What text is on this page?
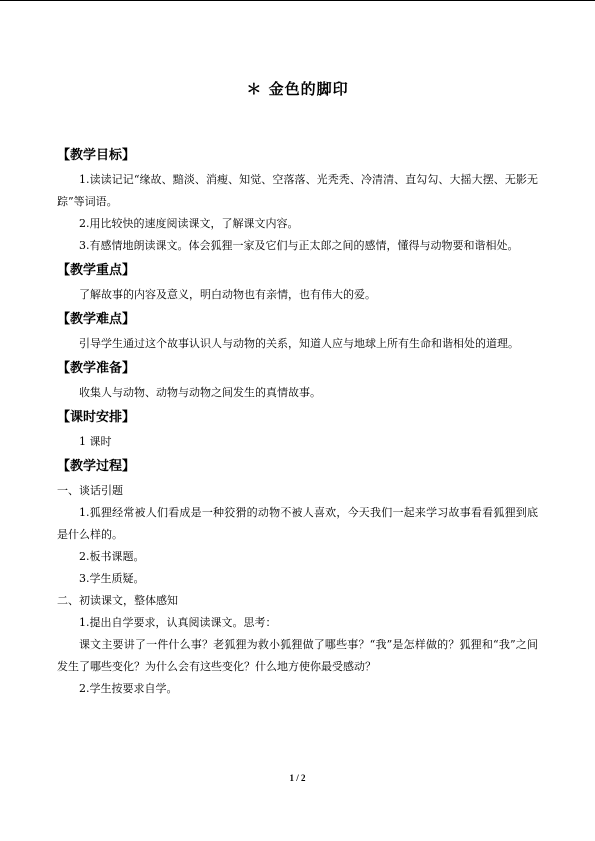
＊ 金色的脚印
【教学目标】

1.读读记记“缘故、黯淡、消瘦、知觉、空落落、光秃秃、冷清清、直勾勾、大摇大摆、无影无踪”等词语。

2.用比较快的速度阅读课文，了解课文内容。

3.有感情地朗读课文。体会狐狸一家及它们与正太郎之间的感情，懂得与动物要和谐相处。

【教学重点】

了解故事的内容及意义，明白动物也有亲情，也有伟大的爱。

【教学难点】

引导学生通过这个故事认识人与动物的关系，知道人应与地球上所有生命和谐相处的道理。

【教学准备】

收集人与动物、动物与动物之间发生的真情故事。

【课时安排】

1 课时

【教学过程】

一、谈话引题

1.狐狸经常被人们看成是一种狡猾的动物不被人喜欢，今天我们一起来学习故事看看狐狸到底是什么样的。

2.板书课题。

3.学生质疑。

二、初读课文，整体感知

1.提出自学要求，认真阅读课文。思考：

课文主要讲了一件什么事？老狐狸为救小狐狸做了哪些事？“我”是怎样做的？狐狸和“我”之间发生了哪些变化？为什么会有这些变化？什么地方使你最受感动？

2.学生按要求自学。

1 / 2
